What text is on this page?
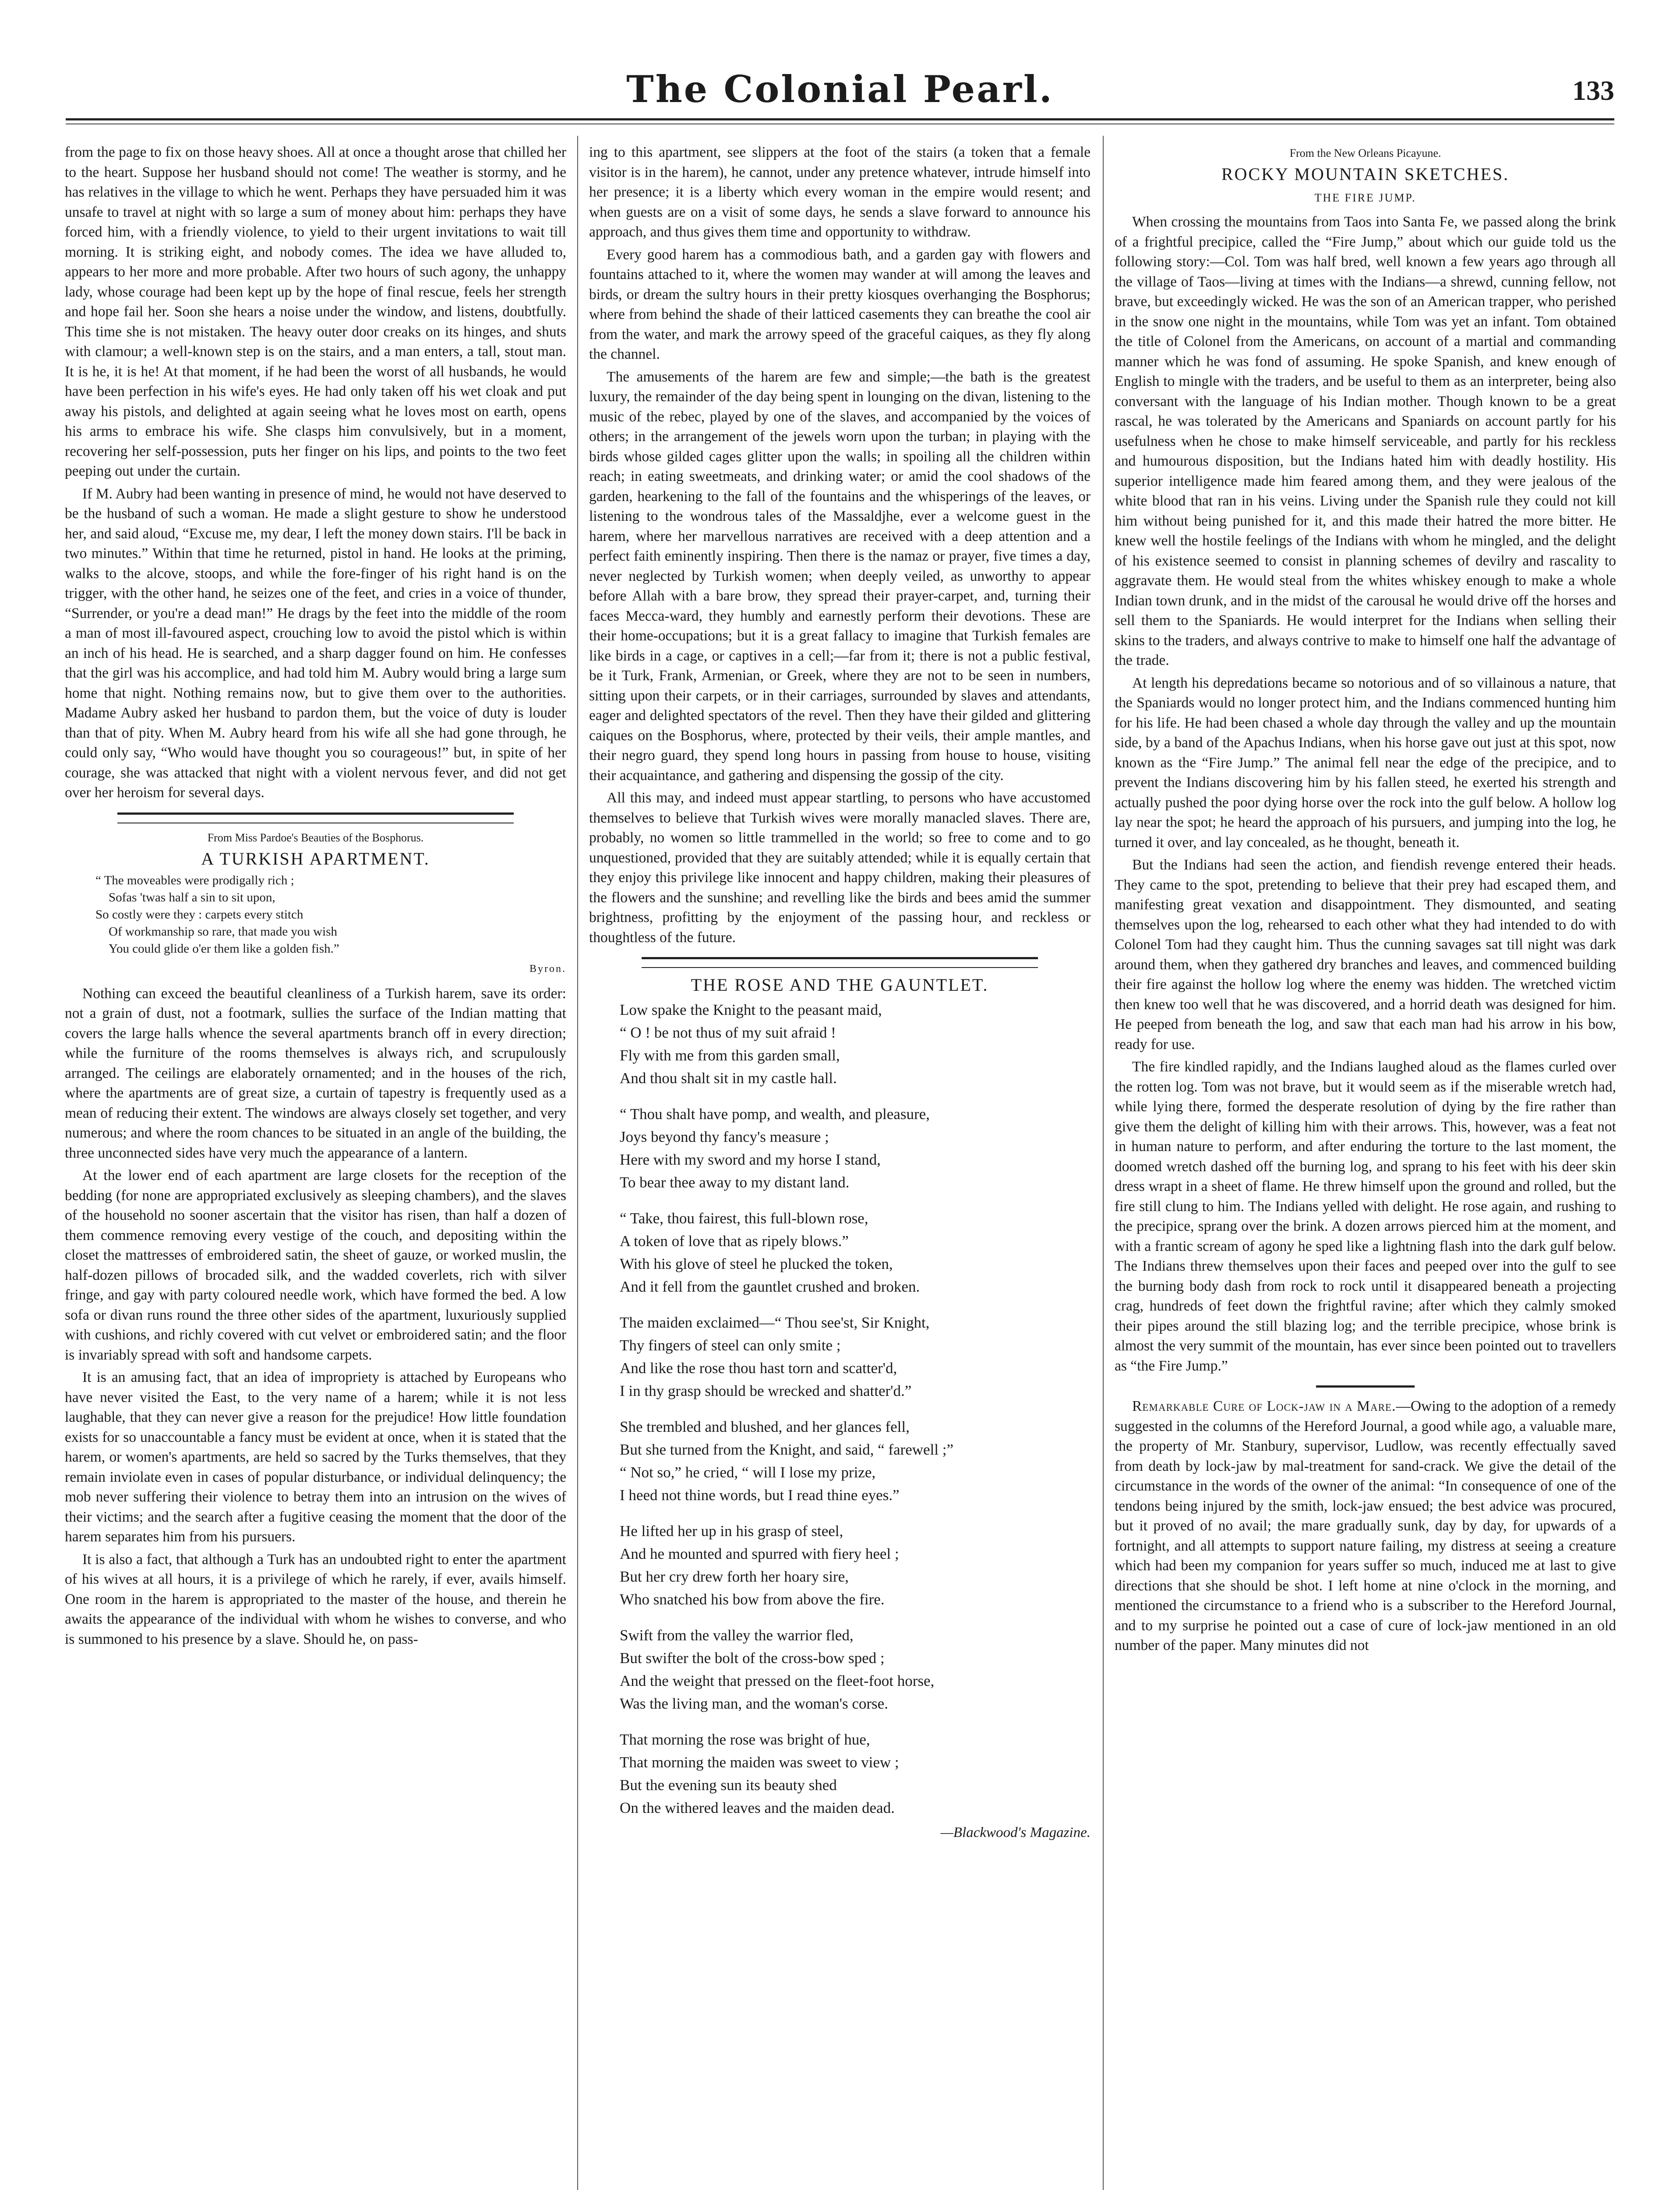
The Colonial Pearl.	133

from the page to fix on those heavy shoes. All at once a thought arose that chilled her to the heart. Suppose her husband should not come! The weather is stormy, and he has relatives in the village to which he went. Perhaps they have persuaded him it was unsafe to travel at night with so large a sum of money about him: perhaps they have forced him, with a friendly violence, to yield to their urgent invitations to wait till morning. It is striking eight, and nobody comes. The idea we have alluded to, appears to her more and more probable. After two hours of such agony, the unhappy lady, whose courage had been kept up by the hope of final rescue, feels her strength and hope fail her. Soon she hears a noise under the window, and listens, doubtfully. This time she is not mistaken. The heavy outer door creaks on its hinges, and shuts with clamour; a well-known step is on the stairs, and a man enters, a tall, stout man. It is he, it is he! At that moment, if he had been the worst of all husbands, he would have been perfection in his wife's eyes. He had only taken off his wet cloak and put away his pistols, and delighted at again seeing what he loves most on earth, opens his arms to embrace his wife. She clasps him convulsively, but in a moment, recovering her self-possession, puts her finger on his lips, and points to the two feet peeping out under the curtain.

If M. Aubry had been wanting in presence of mind, he would not have deserved to be the husband of such a woman. He made a slight gesture to show he understood her, and said aloud, “Excuse me, my dear, I left the money down stairs. I'll be back in two minutes.” Within that time he returned, pistol in hand. He looks at the priming, walks to the alcove, stoops, and while the fore-finger of his right hand is on the trigger, with the other hand, he seizes one of the feet, and cries in a voice of thunder, “Surrender, or you're a dead man!” He drags by the feet into the middle of the room a man of most ill-favoured aspect, crouching low to avoid the pistol which is within an inch of his head. He is searched, and a sharp dagger found on him. He confesses that the girl was his accomplice, and had told him M. Aubry would bring a large sum home that night. Nothing remains now, but to give them over to the authorities. Madame Aubry asked her husband to pardon them, but the voice of duty is louder than that of pity. When M. Aubry heard from his wife all she had gone through, he could only say, “Who would have thought you so courageous!” but, in spite of her courage, she was attacked that night with a violent nervous fever, and did not get over her heroism for several days.

From Miss Pardoe's Beauties of the Bosphorus.
A TURKISH APARTMENT.
“ The moveables were prodigally rich ;
Sofas 'twas half a sin to sit upon,
So costly were they : carpets every stitch
Of workmanship so rare, that made you wish
You could glide o'er them like a golden fish.”
Byron.

Nothing can exceed the beautiful cleanliness of a Turkish harem, save its order: not a grain of dust, not a footmark, sullies the surface of the Indian matting that covers the large halls whence the several apartments branch off in every direction; while the furniture of the rooms themselves is always rich, and scrupulously arranged. The ceilings are elaborately ornamented; and in the houses of the rich, where the apartments are of great size, a curtain of tapestry is frequently used as a mean of reducing their extent. The windows are always closely set together, and very numerous; and where the room chances to be situated in an angle of the building, the three unconnected sides have very much the appearance of a lantern.

At the lower end of each apartment are large closets for the reception of the bedding (for none are appropriated exclusively as sleeping chambers), and the slaves of the household no sooner ascertain that the visitor has risen, than half a dozen of them commence removing every vestige of the couch, and depositing within the closet the mattresses of embroidered satin, the sheet of gauze, or worked muslin, the half-dozen pillows of brocaded silk, and the wadded coverlets, rich with silver fringe, and gay with party coloured needle work, which have formed the bed. A low sofa or divan runs round the three other sides of the apartment, luxuriously supplied with cushions, and richly covered with cut velvet or embroidered satin; and the floor is invariably spread with soft and handsome carpets.

It is an amusing fact, that an idea of impropriety is attached by Europeans who have never visited the East, to the very name of a harem; while it is not less laughable, that they can never give a reason for the prejudice! How little foundation exists for so unaccountable a fancy must be evident at once, when it is stated that the harem, or women's apartments, are held so sacred by the Turks themselves, that they remain inviolate even in cases of popular disturbance, or individual delinquency; the mob never suffering their violence to betray them into an intrusion on the wives of their victims; and the search after a fugitive ceasing the moment that the door of the harem separates him from his pursuers.

It is also a fact, that although a Turk has an undoubted right to enter the apartment of his wives at all hours, it is a privilege of which he rarely, if ever, avails himself. One room in the harem is appropriated to the master of the house, and therein he awaits the appearance of the individual with whom he wishes to converse, and who is summoned to his presence by a slave. Should he, on pass-

ing to this apartment, see slippers at the foot of the stairs (a token that a female visitor is in the harem), he cannot, under any pretence whatever, intrude himself into her presence; it is a liberty which every woman in the empire would resent; and when guests are on a visit of some days, he sends a slave forward to announce his approach, and thus gives them time and opportunity to withdraw.

Every good harem has a commodious bath, and a garden gay with flowers and fountains attached to it, where the women may wander at will among the leaves and birds, or dream the sultry hours in their pretty kiosques overhanging the Bosphorus; where from behind the shade of their latticed casements they can breathe the cool air from the water, and mark the arrowy speed of the graceful caiques, as they fly along the channel.

The amusements of the harem are few and simple;—the bath is the greatest luxury, the remainder of the day being spent in lounging on the divan, listening to the music of the rebec, played by one of the slaves, and accompanied by the voices of others; in the arrangement of the jewels worn upon the turban; in playing with the birds whose gilded cages glitter upon the walls; in spoiling all the children within reach; in eating sweetmeats, and drinking water; or amid the cool shadows of the garden, hearkening to the fall of the fountains and the whisperings of the leaves, or listening to the wondrous tales of the Massaldjhe, ever a welcome guest in the harem, where her marvellous narratives are received with a deep attention and a perfect faith eminently inspiring. Then there is the namaz or prayer, five times a day, never neglected by Turkish women; when deeply veiled, as unworthy to appear before Allah with a bare brow, they spread their prayer-carpet, and, turning their faces Mecca-ward, they humbly and earnestly perform their devotions. These are their home-occupations; but it is a great fallacy to imagine that Turkish females are like birds in a cage, or captives in a cell;—far from it; there is not a public festival, be it Turk, Frank, Armenian, or Greek, where they are not to be seen in numbers, sitting upon their carpets, or in their carriages, surrounded by slaves and attendants, eager and delighted spectators of the revel. Then they have their gilded and glittering caiques on the Bosphorus, where, protected by their veils, their ample mantles, and their negro guard, they spend long hours in passing from house to house, visiting their acquaintance, and gathering and dispensing the gossip of the city.

All this may, and indeed must appear startling, to persons who have accustomed themselves to believe that Turkish wives were morally manacled slaves. There are, probably, no women so little trammelled in the world; so free to come and to go unquestioned, provided that they are suitably attended; while it is equally certain that they enjoy this privilege like innocent and happy children, making their pleasures of the flowers and the sunshine; and revelling like the birds and bees amid the summer brightness, profitting by the enjoyment of the passing hour, and reckless or thoughtless of the future.

THE ROSE AND THE GAUNTLET.
Low spake the Knight to the peasant maid,
“ O ! be not thus of my suit afraid !
Fly with me from this garden small,
And thou shalt sit in my castle hall.
“ Thou shalt have pomp, and wealth, and pleasure,
Joys beyond thy fancy's measure ;
Here with my sword and my horse I stand,
To bear thee away to my distant land.
“ Take, thou fairest, this full-blown rose,
A token of love that as ripely blows.”
With his glove of steel he plucked the token,
And it fell from the gauntlet crushed and broken.
The maiden exclaimed—“ Thou see'st, Sir Knight,
Thy fingers of steel can only smite ;
And like the rose thou hast torn and scatter'd,
I in thy grasp should be wrecked and shatter'd.”
She trembled and blushed, and her glances fell,
But she turned from the Knight, and said, “ farewell ;”
“ Not so,” he cried, “ will I lose my prize,
I heed not thine words, but I read thine eyes.”
He lifted her up in his grasp of steel,
And he mounted and spurred with fiery heel ;
But her cry drew forth her hoary sire,
Who snatched his bow from above the fire.
Swift from the valley the warrior fled,
But swifter the bolt of the cross-bow sped ;
And the weight that pressed on the fleet-foot horse,
Was the living man, and the woman's corse.
That morning the rose was bright of hue,
That morning the maiden was sweet to view ;
But the evening sun its beauty shed
On the withered leaves and the maiden dead.
—Blackwood's Magazine.
From the New Orleans Picayune.
ROCKY MOUNTAIN SKETCHES.
THE FIRE JUMP.

When crossing the mountains from Taos into Santa Fe, we passed along the brink of a frightful precipice, called the “Fire Jump,” about which our guide told us the following story:—Col. Tom was half bred, well known a few years ago through all the village of Taos—living at times with the Indians—a shrewd, cunning fellow, not brave, but exceedingly wicked. He was the son of an American trapper, who perished in the snow one night in the mountains, while Tom was yet an infant. Tom obtained the title of Colonel from the Americans, on account of a martial and commanding manner which he was fond of assuming. He spoke Spanish, and knew enough of English to mingle with the traders, and be useful to them as an interpreter, being also conversant with the language of his Indian mother. Though known to be a great rascal, he was tolerated by the Americans and Spaniards on account partly for his usefulness when he chose to make himself serviceable, and partly for his reckless and humourous disposition, but the Indians hated him with deadly hostility. His superior intelligence made him feared among them, and they were jealous of the white blood that ran in his veins. Living under the Spanish rule they could not kill him without being punished for it, and this made their hatred the more bitter. He knew well the hostile feelings of the Indians with whom he mingled, and the delight of his existence seemed to consist in planning schemes of devilry and rascality to aggravate them. He would steal from the whites whiskey enough to make a whole Indian town drunk, and in the midst of the carousal he would drive off the horses and sell them to the Spaniards. He would interpret for the Indians when selling their skins to the traders, and always contrive to make to himself one half the advantage of the trade.

At length his depredations became so notorious and of so villainous a nature, that the Spaniards would no longer protect him, and the Indians commenced hunting him for his life. He had been chased a whole day through the valley and up the mountain side, by a band of the Apachus Indians, when his horse gave out just at this spot, now known as the “Fire Jump.” The animal fell near the edge of the precipice, and to prevent the Indians discovering him by his fallen steed, he exerted his strength and actually pushed the poor dying horse over the rock into the gulf below. A hollow log lay near the spot; he heard the approach of his pursuers, and jumping into the log, he turned it over, and lay concealed, as he thought, beneath it.

But the Indians had seen the action, and fiendish revenge entered their heads. They came to the spot, pretending to believe that their prey had escaped them, and manifesting great vexation and disappointment. They dismounted, and seating themselves upon the log, rehearsed to each other what they had intended to do with Colonel Tom had they caught him. Thus the cunning savages sat till night was dark around them, when they gathered dry branches and leaves, and commenced building their fire against the hollow log where the enemy was hidden. The wretched victim then knew too well that he was discovered, and a horrid death was designed for him. He peeped from beneath the log, and saw that each man had his arrow in his bow, ready for use.

The fire kindled rapidly, and the Indians laughed aloud as the flames curled over the rotten log. Tom was not brave, but it would seem as if the miserable wretch had, while lying there, formed the desperate resolution of dying by the fire rather than give them the delight of killing him with their arrows. This, however, was a feat not in human nature to perform, and after enduring the torture to the last moment, the doomed wretch dashed off the burning log, and sprang to his feet with his deer skin dress wrapt in a sheet of flame. He threw himself upon the ground and rolled, but the fire still clung to him. The Indians yelled with delight. He rose again, and rushing to the precipice, sprang over the brink. A dozen arrows pierced him at the moment, and with a frantic scream of agony he sped like a lightning flash into the dark gulf below. The Indians threw themselves upon their faces and peeped over into the gulf to see the burning body dash from rock to rock until it disappeared beneath a projecting crag, hundreds of feet down the frightful ravine; after which they calmly smoked their pipes around the still blazing log; and the terrible precipice, whose brink is almost the very summit of the mountain, has ever since been pointed out to travellers as “the Fire Jump.”

Remarkable Cure of Lock-jaw in a Mare.—Owing to the adoption of a remedy suggested in the columns of the Hereford Journal, a good while ago, a valuable mare, the property of Mr. Stanbury, supervisor, Ludlow, was recently effectually saved from death by lock-jaw by mal-treatment for sand-crack. We give the detail of the circumstance in the words of the owner of the animal: “In consequence of one of the tendons being injured by the smith, lock-jaw ensued; the best advice was procured, but it proved of no avail; the mare gradually sunk, day by day, for upwards of a fortnight, and all attempts to support nature failing, my distress at seeing a creature which had been my companion for years suffer so much, induced me at last to give directions that she should be shot. I left home at nine o'clock in the morning, and mentioned the circumstance to a friend who is a subscriber to the Hereford Journal, and to my surprise he pointed out a case of cure of lock-jaw mentioned in an old number of the paper. Many minutes did not
